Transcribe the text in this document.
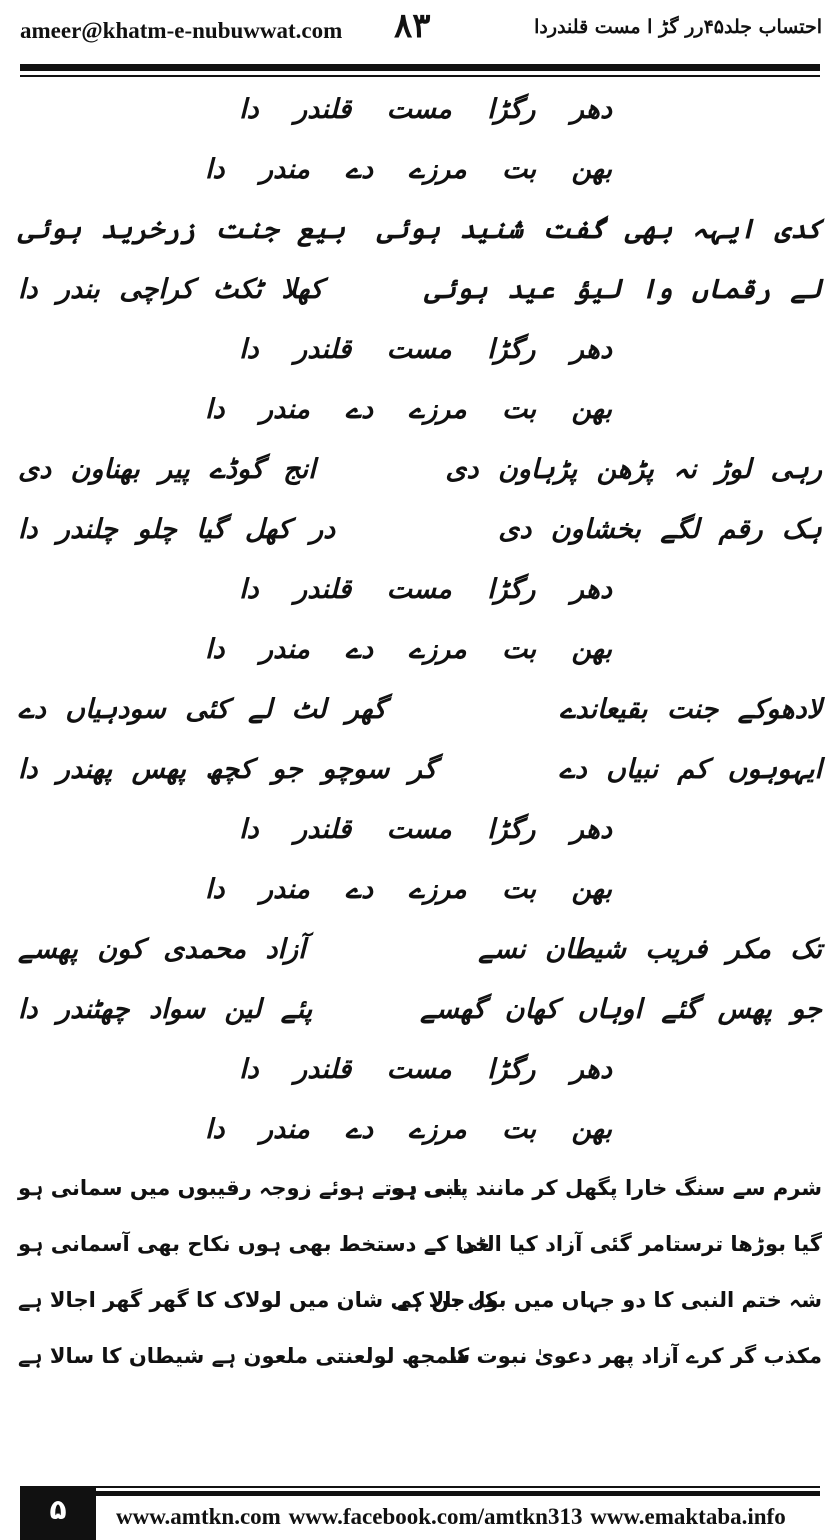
ameer@khatm-e-nubuwwat.com ۸۳	احتساب جلد۴۵رر گڑ ا مست قلندردا
دھر رگڑا مست قلندر دا
بھن بت مرزے دے مندر دا
کدی ایہہ بھی گفت شنید ہوئی
بیع جنت زرخرید ہوئی
لے رقماں وا لیؤ عید ہوئی
کھلا ٹکٹ کراچی بندر دا
دھر رگڑا مست قلندر دا
بھن بت مرزے دے مندر دا
رہی لوڑ نہ پڑھن پڑہاون دی
انج گوڈے پیر بھناون دی
ہک رقم لگے بخشاون دی
در کھل گیا چلو چلندر دا
دھر رگڑا مست قلندر دا
بھن بت مرزے دے مندر دا
لادھوکے جنت بقیعاندے
گھر لٹ لے کئی سودہیاں دے
ایہوہوں کم نبیاں دے
گر سوچو جو کچھ پھس پھندر دا
دھر رگڑا مست قلندر دا
بھن بت مرزے دے مندر دا
تک مکر فریب شیطان نسے
آزاد محمدی کون پھسے
جو پھس گئے اوہاں کھان گھسے
پئے لین سواد چھٹندر دا
دھر رگڑا مست قلندر دا
بھن بت مرزے دے مندر دا
شرم سے سنگ خارا پگھل کر مانند پانی ہو
نبی ہوتے ہوئے زوجہ رقیبوں میں سمانی ہو
گیا بوڑھا ترستامر گئی آزاد کیا الٹی
خدا کے دستخط بھی ہوں نکاح بھی آسمانی ہو
شہ ختم النبی کا دو جہاں میں بول بالا ہے
کہ جن کی شان میں لولاک کا گھر گھر اجالا ہے
مکذب گر کرے آزاد پھر دعویٰ نبوت کا
سمجھ لولعنتی ملعون ہے شیطان کا سالا ہے
۵	www.amtkn.com www.facebook.com/amtkn313 www.emaktaba.info
